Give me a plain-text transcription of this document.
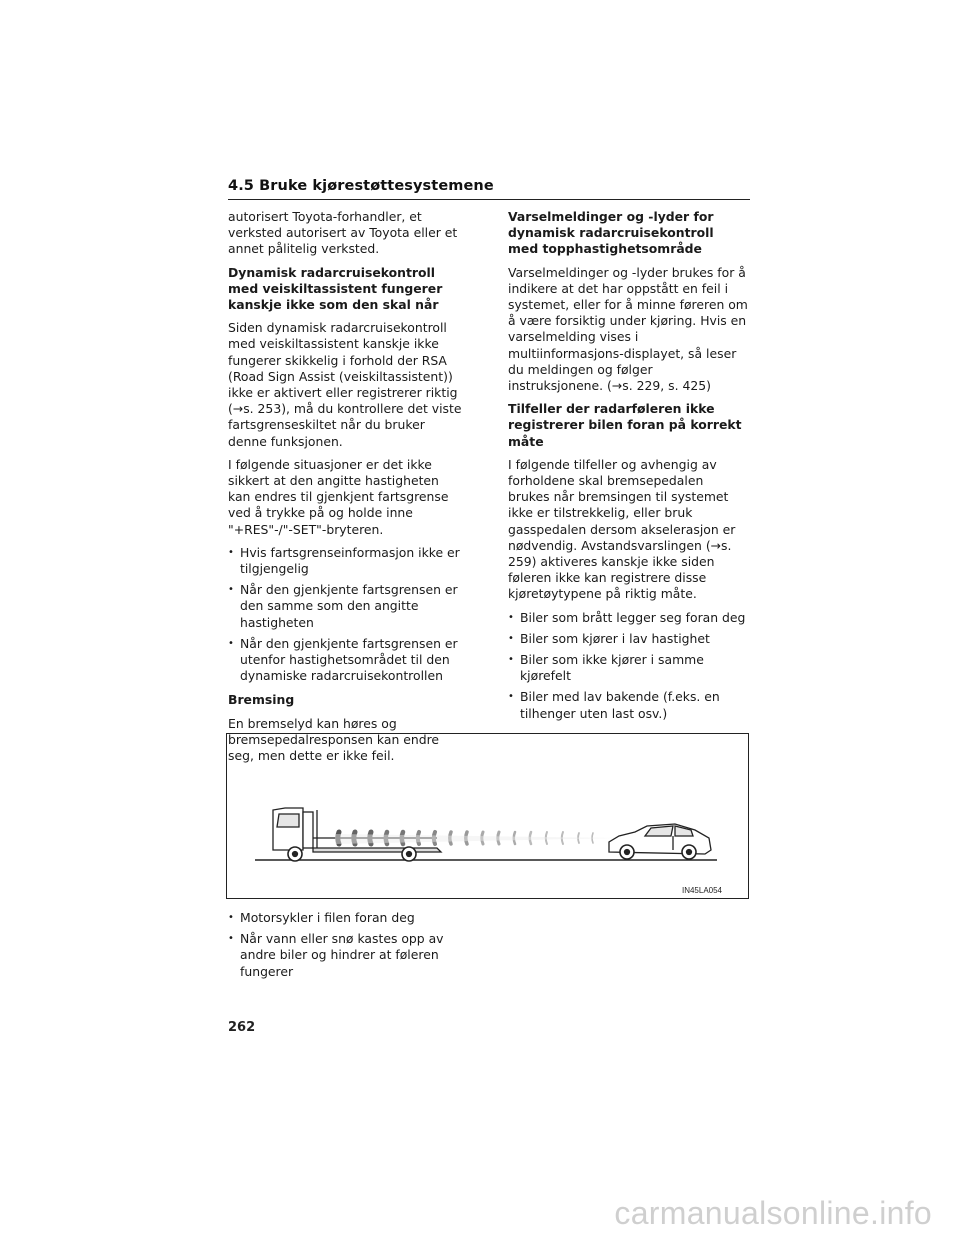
4.5 Bruke kjørestøttesystemene

autorisert Toyota-forhandler, et verksted autorisert av Toyota eller et annet pålitelig verksted.

Dynamisk radarcruisekontroll med veiskiltassistent fungerer kanskje ikke som den skal når

Siden dynamisk radarcruisekontroll med veiskiltassistent kanskje ikke fungerer skikkelig i forhold der RSA (Road Sign Assist (veiskiltassistent)) ikke er aktivert eller registrerer riktig (→s. 253), må du kontrollere det viste fartsgrenseskiltet når du bruker denne funksjonen.

I følgende situasjoner er det ikke sikkert at den angitte hastigheten kan endres til gjenkjent fartsgrense ved å trykke på og holde inne "+RES"-/"-SET"-bryteren.

• Hvis fartsgrenseinformasjon ikke er tilgjengelig
• Når den gjenkjente fartsgrensen er den samme som den angitte hastigheten
• Når den gjenkjente fartsgrensen er utenfor hastighetsområdet til den dynamiske radarcruisekontrollen

Bremsing

En bremselyd kan høres og bremsepedalresponsen kan endre seg, men dette er ikke feil.

Varselmeldinger og -lyder for dynamisk radarcruisekontroll med topphastighetsområde

Varselmeldinger og -lyder brukes for å indikere at det har oppstått en feil i systemet, eller for å minne føreren om å være forsiktig under kjøring. Hvis en varselmelding vises i multiinformasjons-displayet, så leser du meldingen og følger instruksjonene. (→s. 229, s. 425)

Tilfeller der radarføleren ikke registrerer bilen foran på korrekt måte

I følgende tilfeller og avhengig av forholdene skal bremsepedalen brukes når bremsingen til systemet ikke er tilstrekkelig, eller bruk gasspedalen dersom akselerasjon er nødvendig. Avstandsvarslingen (→s. 259) aktiveres kanskje ikke siden føleren ikke kan registrere disse kjøretøytypene på riktig måte.

• Biler som brått legger seg foran deg
• Biler som kjører i lav hastighet
• Biler som ikke kjører i samme kjørefelt
• Biler med lav bakende (f.eks. en tilhenger uten last osv.)
IN45LA054
• Motorsykler i filen foran deg
• Når vann eller snø kastes opp av andre biler og hindrer at føleren fungerer
262
carmanualsonline.info
